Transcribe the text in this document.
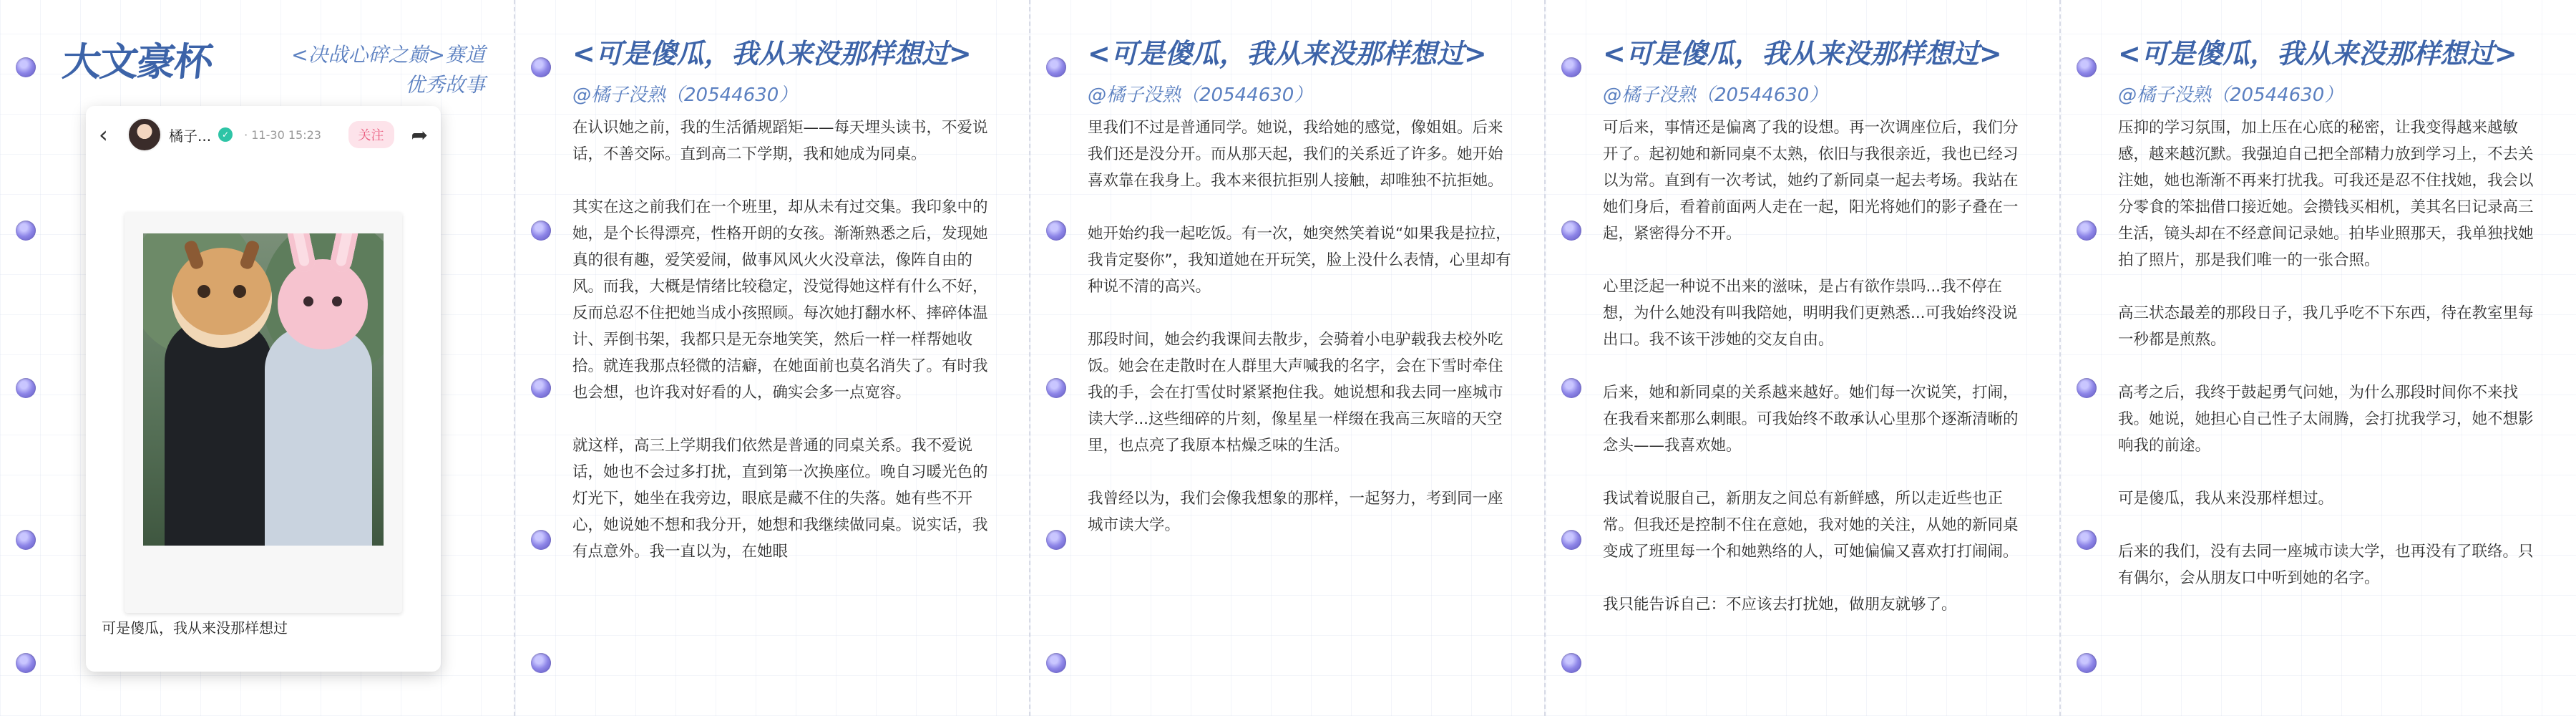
大文豪杯	<决战心碎之巅>赛道
优秀故事
‹	橘子...	✓	· 11-30 15:23	关注	➦
可是傻瓜，我从来没那样想过
<可是傻瓜，我从来没那样想过>
@橘子没熟（20544630）

在认识她之前，我的生活循规蹈矩——每天埋头读书，不爱说话，不善交际。直到高二下学期，我和她成为同桌。

其实在这之前我们在一个班里，却从未有过交集。我印象中的她，是个长得漂亮，性格开朗的女孩。渐渐熟悉之后，发现她真的很有趣，爱笑爱闹，做事风风火火没章法，像阵自由的风。而我，大概是情绪比较稳定，没觉得她这样有什么不好，反而总忍不住把她当成小孩照顾。每次她打翻水杯、摔碎体温计、弄倒书架，我都只是无奈地笑笑，然后一样一样帮她收拾。就连我那点轻微的洁癖，在她面前也莫名消失了。有时我也会想，也许我对好看的人，确实会多一点宽容。

就这样，高三上学期我们依然是普通的同桌关系。我不爱说话，她也不会过多打扰，直到第一次换座位。晚自习暖光色的灯光下，她坐在我旁边，眼底是藏不住的失落。她有些不开心，她说她不想和我分开，她想和我继续做同桌。说实话，我有点意外。我一直以为，在她眼

<可是傻瓜，我从来没那样想过>
@橘子没熟（20544630）

里我们不过是普通同学。她说，我给她的感觉，像姐姐。后来我们还是没分开。而从那天起，我们的关系近了许多。她开始喜欢靠在我身上。我本来很抗拒别人接触，却唯独不抗拒她。

她开始约我一起吃饭。有一次，她突然笑着说“如果我是拉拉，我肯定娶你”，我知道她在开玩笑，脸上没什么表情，心里却有种说不清的高兴。

那段时间，她会约我课间去散步，会骑着小电驴载我去校外吃饭。她会在走散时在人群里大声喊我的名字，会在下雪时牵住我的手，会在打雪仗时紧紧抱住我。她说想和我去同一座城市读大学...这些细碎的片刻，像星星一样缀在我高三灰暗的天空里，也点亮了我原本枯燥乏味的生活。

我曾经以为，我们会像我想象的那样，一起努力，考到同一座城市读大学。

<可是傻瓜，我从来没那样想过>
@橘子没熟（20544630）

可后来，事情还是偏离了我的设想。再一次调座位后，我们分开了。起初她和新同桌不太熟，依旧与我很亲近，我也已经习以为常。直到有一次考试，她约了新同桌一起去考场。我站在她们身后，看着前面两人走在一起，阳光将她们的影子叠在一起，紧密得分不开。

心里泛起一种说不出来的滋味，是占有欲作祟吗...我不停在想，为什么她没有叫我陪她，明明我们更熟悉...可我始终没说出口。我不该干涉她的交友自由。

后来，她和新同桌的关系越来越好。她们每一次说笑，打闹，在我看来都那么刺眼。可我始终不敢承认心里那个逐渐清晰的念头——我喜欢她。

我试着说服自己，新朋友之间总有新鲜感，所以走近些也正常。但我还是控制不住在意她，我对她的关注，从她的新同桌变成了班里每一个和她熟络的人，可她偏偏又喜欢打打闹闹。

我只能告诉自己：不应该去打扰她，做朋友就够了。

<可是傻瓜，我从来没那样想过>
@橘子没熟（20544630）

压抑的学习氛围，加上压在心底的秘密，让我变得越来越敏感，越来越沉默。我强迫自己把全部精力放到学习上，不去关注她，她也渐渐不再来打扰我。可我还是忍不住找她，我会以分零食的笨拙借口接近她。会攒钱买相机，美其名曰记录高三生活，镜头却在不经意间记录她。拍毕业照那天，我单独找她拍了照片，那是我们唯一的一张合照。

高三状态最差的那段日子，我几乎吃不下东西，待在教室里每一秒都是煎熬。

高考之后，我终于鼓起勇气问她，为什么那段时间你不来找我。她说，她担心自己性子太闹腾，会打扰我学习，她不想影响我的前途。

可是傻瓜，我从来没那样想过。

后来的我们，没有去同一座城市读大学，也再没有了联络。只有偶尔，会从朋友口中听到她的名字。
